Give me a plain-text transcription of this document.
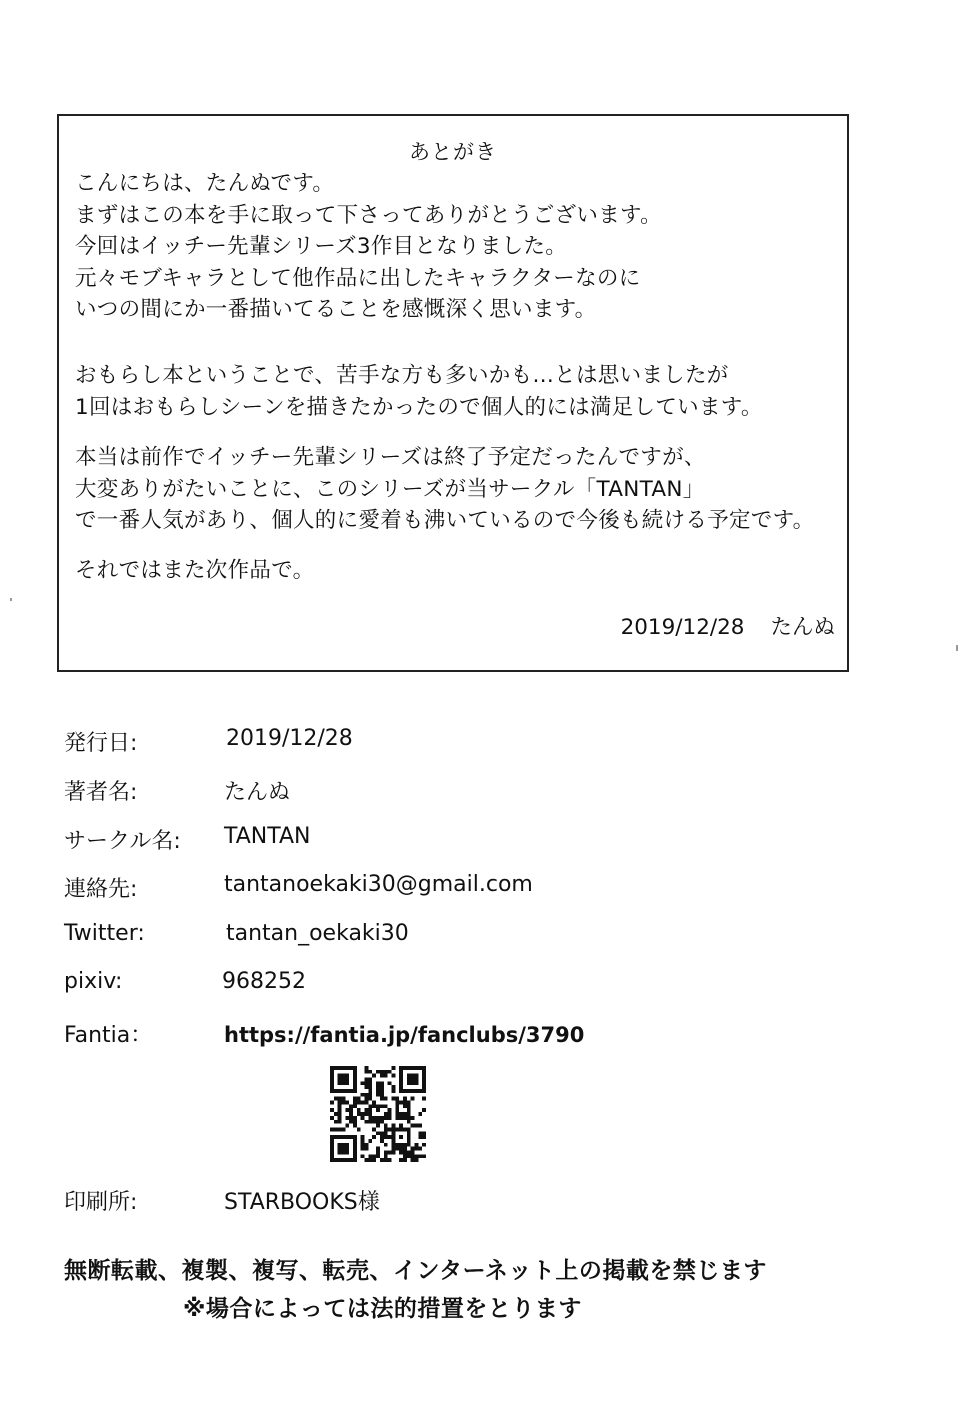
あとがき
こんにちは、たんぬです。
まずはこの本を手に取って下さってありがとうございます。
今回はイッチー先輩シリーズ3作目となりました。
元々モブキャラとして他作品に出したキャラクターなのに
いつの間にか一番描いてることを感慨深く思います。
おもらし本ということで、苦手な方も多いかも…とは思いましたが
1回はおもらしシーンを描きたかったので個人的には満足しています。
本当は前作でイッチー先輩シリーズは終了予定だったんですが、
大変ありがたいことに、このシリーズが当サークル「TANTAN」
で一番人気があり、個人的に愛着も沸いているので今後も続ける予定です。
それではまた次作品で。
2019/12/28 たんぬ
発行日:	2019/12/28
著者名:	たんぬ
サークル名: TANTAN
連絡先:	tantanoekaki30@gmail.com
Twitter:	tantan_oekaki30
pixiv:	968252
Fantia：	https://fantia.jp/fanclubs/3790
印刷所:	STARBOOKS様
無断転載、複製、複写、転売、インターネット上の掲載を禁じます
※場合によっては法的措置をとります
